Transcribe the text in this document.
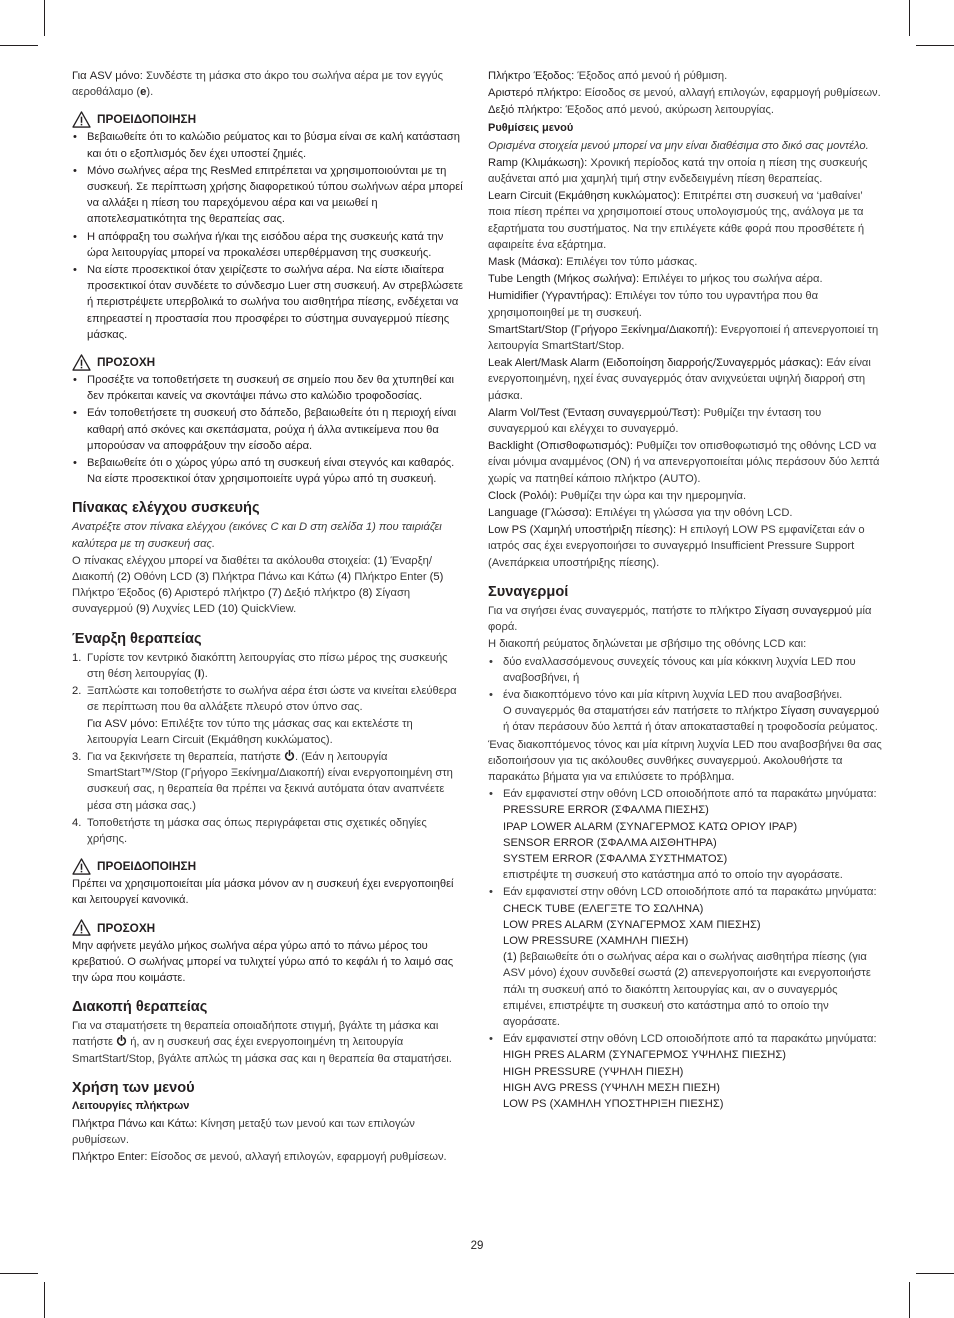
Για ASV μόνο: Συνδέστε τη μάσκα στο άκρο του σωλήνα αέρα με τον εγγύς αεροθάλαμο (e).

ΠΡΟΕΙΔΟΠΟΙΗΣΗ
• Βεβαιωθείτε ότι το καλώδιο ρεύματος και το βύσμα είναι σε καλή κατάσταση και ότι ο εξοπλισμός δεν έχει υποστεί ζημιές.
• Μόνο σωλήνες αέρα της ResMed επιτρέπεται να χρησιμοποιούνται με τη συσκευή. Σε περίπτωση χρήσης διαφορετικού τύπου σωλήνων αέρα μπορεί να αλλάξει η πίεση του παρεχόμενου αέρα και να μειωθεί η αποτελεσματικότητα της θεραπείας σας.
• Η απόφραξη του σωλήνα ή/και της εισόδου αέρα της συσκευής κατά την ώρα λειτουργίας μπορεί να προκαλέσει υπερθέρμανση της συσκευής.
• Να είστε προσεκτικοί όταν χειρίζεστε το σωλήνα αέρα. Να είστε ιδιαίτερα προσεκτικοί όταν συνδέετε το σύνδεσμο Luer στη συσκευή. Αν στρεβλώσετε ή περιστρέψετε υπερβολικά το σωλήνα του αισθητήρα πίεσης, ενδέχεται να επηρεαστεί η προστασία που προσφέρει το σύστημα συναγερμού πίεσης μάσκας.
ΠΡΟΣΟΧΗ
• Προσέξτε να τοποθετήσετε τη συσκευή σε σημείο που δεν θα χτυπηθεί και δεν πρόκειται κανείς να σκοντάψει πάνω στο καλώδιο τροφοδοσίας.
• Εάν τοποθετήσετε τη συσκευή στο δάπεδο, βεβαιωθείτε ότι η περιοχή είναι καθαρή από σκόνες και σκεπάσματα, ρούχα ή άλλα αντικείμενα που θα μπορούσαν να αποφράξουν την είσοδο αέρα.
• Βεβαιωθείτε ότι ο χώρος γύρω από τη συσκευή είναι στεγνός και καθαρός. Να είστε προσεκτικοί όταν χρησιμοποιείτε υγρά γύρω από τη συσκευή.
Πίνακας ελέγχου συσκευής

Ανατρέξτε στον πίνακα ελέγχου (εικόνες C και D στη σελίδα 1) που ταιριάζει καλύτερα με τη συσκευή σας.

Ο πίνακας ελέγχου μπορεί να διαθέτει τα ακόλουθα στοιχεία: (1) Έναρξη/ Διακοπή (2) Οθόνη LCD (3) Πλήκτρα Πάνω και Κάτω (4) Πλήκτρο Enter (5) Πλήκτρο Έξοδος (6) Αριστερό πλήκτρο (7) Δεξιό πλήκτρο (8) Σίγαση συναγερμού (9) Λυχνίες LED (10) QuickView.

Έναρξη θεραπείας
1. Γυρίστε τον κεντρικό διακόπτη λειτουργίας στο πίσω μέρος της συσκευής στη θέση λειτουργίας (I).
2. Ξαπλώστε και τοποθετήστε το σωλήνα αέρα έτσι ώστε να κινείται ελεύθερα σε περίπτωση που θα αλλάξετε πλευρό στον ύπνο σας.
Για ASV μόνο: Επιλέξτε τον τύπο της μάσκας σας και εκτελέστε τη λειτουργία Learn Circuit (Εκμάθηση κυκλώματος).
3. Για να ξεκινήσετε τη θεραπεία, πατήστε . (Εάν η λειτουργία SmartStart™/Stop (Γρήγορο Ξεκίνημα/Διακοπή) είναι ενεργοποιημένη στη συσκευή σας, η θεραπεία θα πρέπει να ξεκινά αυτόματα όταν αναπνέετε μέσα στη μάσκα σας.)
4. Τοποθετήστε τη μάσκα σας όπως περιγράφεται στις σχετικές οδηγίες χρήσης.
ΠΡΟΕΙΔΟΠΟΙΗΣΗ

Πρέπει να χρησιμοποιείται μία μάσκα μόνον αν η συσκευή έχει ενεργοποιηθεί και λειτουργεί κανονικά.

ΠΡΟΣΟΧΗ

Μην αφήνετε μεγάλο μήκος σωλήνα αέρα γύρω από το πάνω μέρος του κρεβατιού. Ο σωλήνας μπορεί να τυλιχτεί γύρω από το κεφάλι ή το λαιμό σας την ώρα που κοιμάστε.

Διακοπή θεραπείας

Για να σταματήσετε τη θεραπεία οποιαδήποτε στιγμή, βγάλτε τη μάσκα και πατήστε  ή, αν η συσκευή σας έχει ενεργοποιημένη τη λειτουργία SmartStart/Stop, βγάλτε απλώς τη μάσκα σας και η θεραπεία θα σταματήσει.

Χρήση των μενού
Λειτουργίες πλήκτρων

Πλήκτρα Πάνω και Κάτω: Κίνηση μεταξύ των μενού και των επιλογών ρυθμίσεων.

Πλήκτρο Enter: Είσοδος σε μενού, αλλαγή επιλογών, εφαρμογή ρυθμίσεων.

Πλήκτρο Έξοδος: Έξοδος από μενού ή ρύθμιση.

Αριστερό πλήκτρο: Είσοδος σε μενού, αλλαγή επιλογών, εφαρμογή ρυθμίσεων.

Δεξιό πλήκτρο: Έξοδος από μενού, ακύρωση λειτουργίας.

Ρυθμίσεις μενού

Ορισμένα στοιχεία μενού μπορεί να μην είναι διαθέσιμα στο δικό σας μοντέλο.

Ramp (Κλιμάκωση): Χρονική περίοδος κατά την οποία η πίεση της συσκευής αυξάνεται από μια χαμηλή τιμή στην ενδεδειγμένη πίεση θεραπείας.

Learn Circuit (Εκμάθηση κυκλώματος): Επιτρέπει στη συσκευή να ‘μαθαίνει’ ποια πίεση πρέπει να χρησιμοποιεί στους υπολογισμούς της, ανάλογα με τα εξαρτήματα του συστήματος. Να την επιλέγετε κάθε φορά που προσθέτετε ή αφαιρείτε ένα εξάρτημα.

Mask (Μάσκα): Επιλέγει τον τύπο μάσκας.

Tube Length (Μήκος σωλήνα): Επιλέγει το μήκος του σωλήνα αέρα.

Humidifier (Υγραντήρας): Επιλέγει τον τύπο του υγραντήρα που θα χρησιμοποιηθεί με τη συσκευή.

SmartStart/Stop (Γρήγορο Ξεκίνημα/Διακοπή): Ενεργοποιεί ή απενεργοποιεί τη λειτουργία SmartStart/Stop.

Leak Alert/Mask Alarm (Ειδοποίηση διαρροής/Συναγερμός μάσκας): Εάν είναι ενεργοποιημένη, ηχεί ένας συναγερμός όταν ανιχνεύεται υψηλή διαρροή στη μάσκα.

Alarm Vol/Test (Ένταση συναγερμού/Τεστ): Ρυθμίζει την ένταση του συναγερμού και ελέγχει το συναγερμό.

Backlight (Οπισθοφωτισμός): Ρυθμίζει τον οπισθοφωτισμό της οθόνης LCD να είναι μόνιμα αναμμένος (ON) ή να απενεργοποιείται μόλις περάσουν δύο λεπτά χωρίς να πατηθεί κάποιο πλήκτρο (AUTO).

Clock (Ρολόι): Ρυθμίζει την ώρα και την ημερομηνία.

Language (Γλώσσα): Επιλέγει τη γλώσσα για την οθόνη LCD.

Low PS (Χαμηλή υποστήριξη πίεσης): Η επιλογή LOW PS εμφανίζεται εάν ο ιατρός σας έχει ενεργοποιήσει το συναγερμό Insufficient Pressure Support (Ανεπάρκεια υποστήριξης πίεσης).

Συναγερμοί

Για να σιγήσει ένας συναγερμός, πατήστε το πλήκτρο Σίγαση συναγερμού μία φορά.

Η διακοπή ρεύματος δηλώνεται με σβήσιμο της οθόνης LCD και:

• δύο εναλλασσόμενους συνεχείς τόνους και μία κόκκινη λυχνία LED που αναβοσβήνει, ή
• ένα διακοπτόμενο τόνο και μία κίτρινη λυχνία LED που αναβοσβήνει.
Ο συναγερμός θα σταματήσει εάν πατήσετε το πλήκτρο Σίγαση συναγερμού ή όταν περάσουν δύο λεπτά ή όταν αποκατασταθεί η τροφοδοσία ρεύματος.

Ένας διακοπτόμενος τόνος και μία κίτρινη λυχνία LED που αναβοσβήνει θα σας ειδοποιήσουν για τις ακόλουθες συνθήκες συναγερμού. Ακολουθήστε τα παρακάτω βήματα για να επιλύσετε το πρόβλημα.

• Εάν εμφανιστεί στην οθόνη LCD οποιοδήποτε από τα παρακάτω μηνύματα:
PRESSURE ERROR (ΣΦΑΛΜΑ ΠΙΕΣΗΣ)
IPAP LOWER ALARM (ΣΥΝΑΓΕΡΜΟΣ ΚΑΤΩ ΟΡΙΟΥ IPAP)
SENSOR ERROR (ΣΦΑΛΜΑ ΑΙΣΘΗΤΗΡΑ)
SYSTEM ERROR (ΣΦΑΛΜΑ ΣΥΣΤΗΜΑΤΟΣ)
επιστρέψτε τη συσκευή στο κατάστημα από το οποίο την αγοράσατε.
• Εάν εμφανιστεί στην οθόνη LCD οποιοδήποτε από τα παρακάτω μηνύματα:
CHECK TUBE (ΕΛΕΓΞΤΕ ΤΟ ΣΩΛΗΝΑ)
LOW PRES ALARM (ΣΥΝΑΓΕΡΜΟΣ ΧΑΜ ΠΙΕΣΗΣ)
LOW PRESSURE (ΧΑΜΗΛΗ ΠΙΕΣΗ)
(1) βεβαιωθείτε ότι ο σωλήνας αέρα και ο σωλήνας αισθητήρα πίεσης (για ASV μόνο) έχουν συνδεθεί σωστά (2) απενεργοποιήστε και ενεργοποιήστε πάλι τη συσκευή από το διακόπτη λειτουργίας και, αν ο συναγερμός επιμένει, επιστρέψτε τη συσκευή στο κατάστημα από το οποίο την αγοράσατε.
• Εάν εμφανιστεί στην οθόνη LCD οποιοδήποτε από τα παρακάτω μηνύματα:
HIGH PRES ALARM (ΣΥΝΑΓΕΡΜΟΣ ΥΨΗΛΗΣ ΠΙΕΣΗΣ)
HIGH PRESSURE (ΥΨΗΛΗ ΠΙΕΣΗ)
HIGH AVG PRESS (ΥΨΗΛΗ ΜΕΣΗ ΠΙΕΣΗ)
LOW PS (ΧΑΜΗΛΗ ΥΠΟΣΤΗΡΙΞΗ ΠΙΕΣΗΣ)
29
